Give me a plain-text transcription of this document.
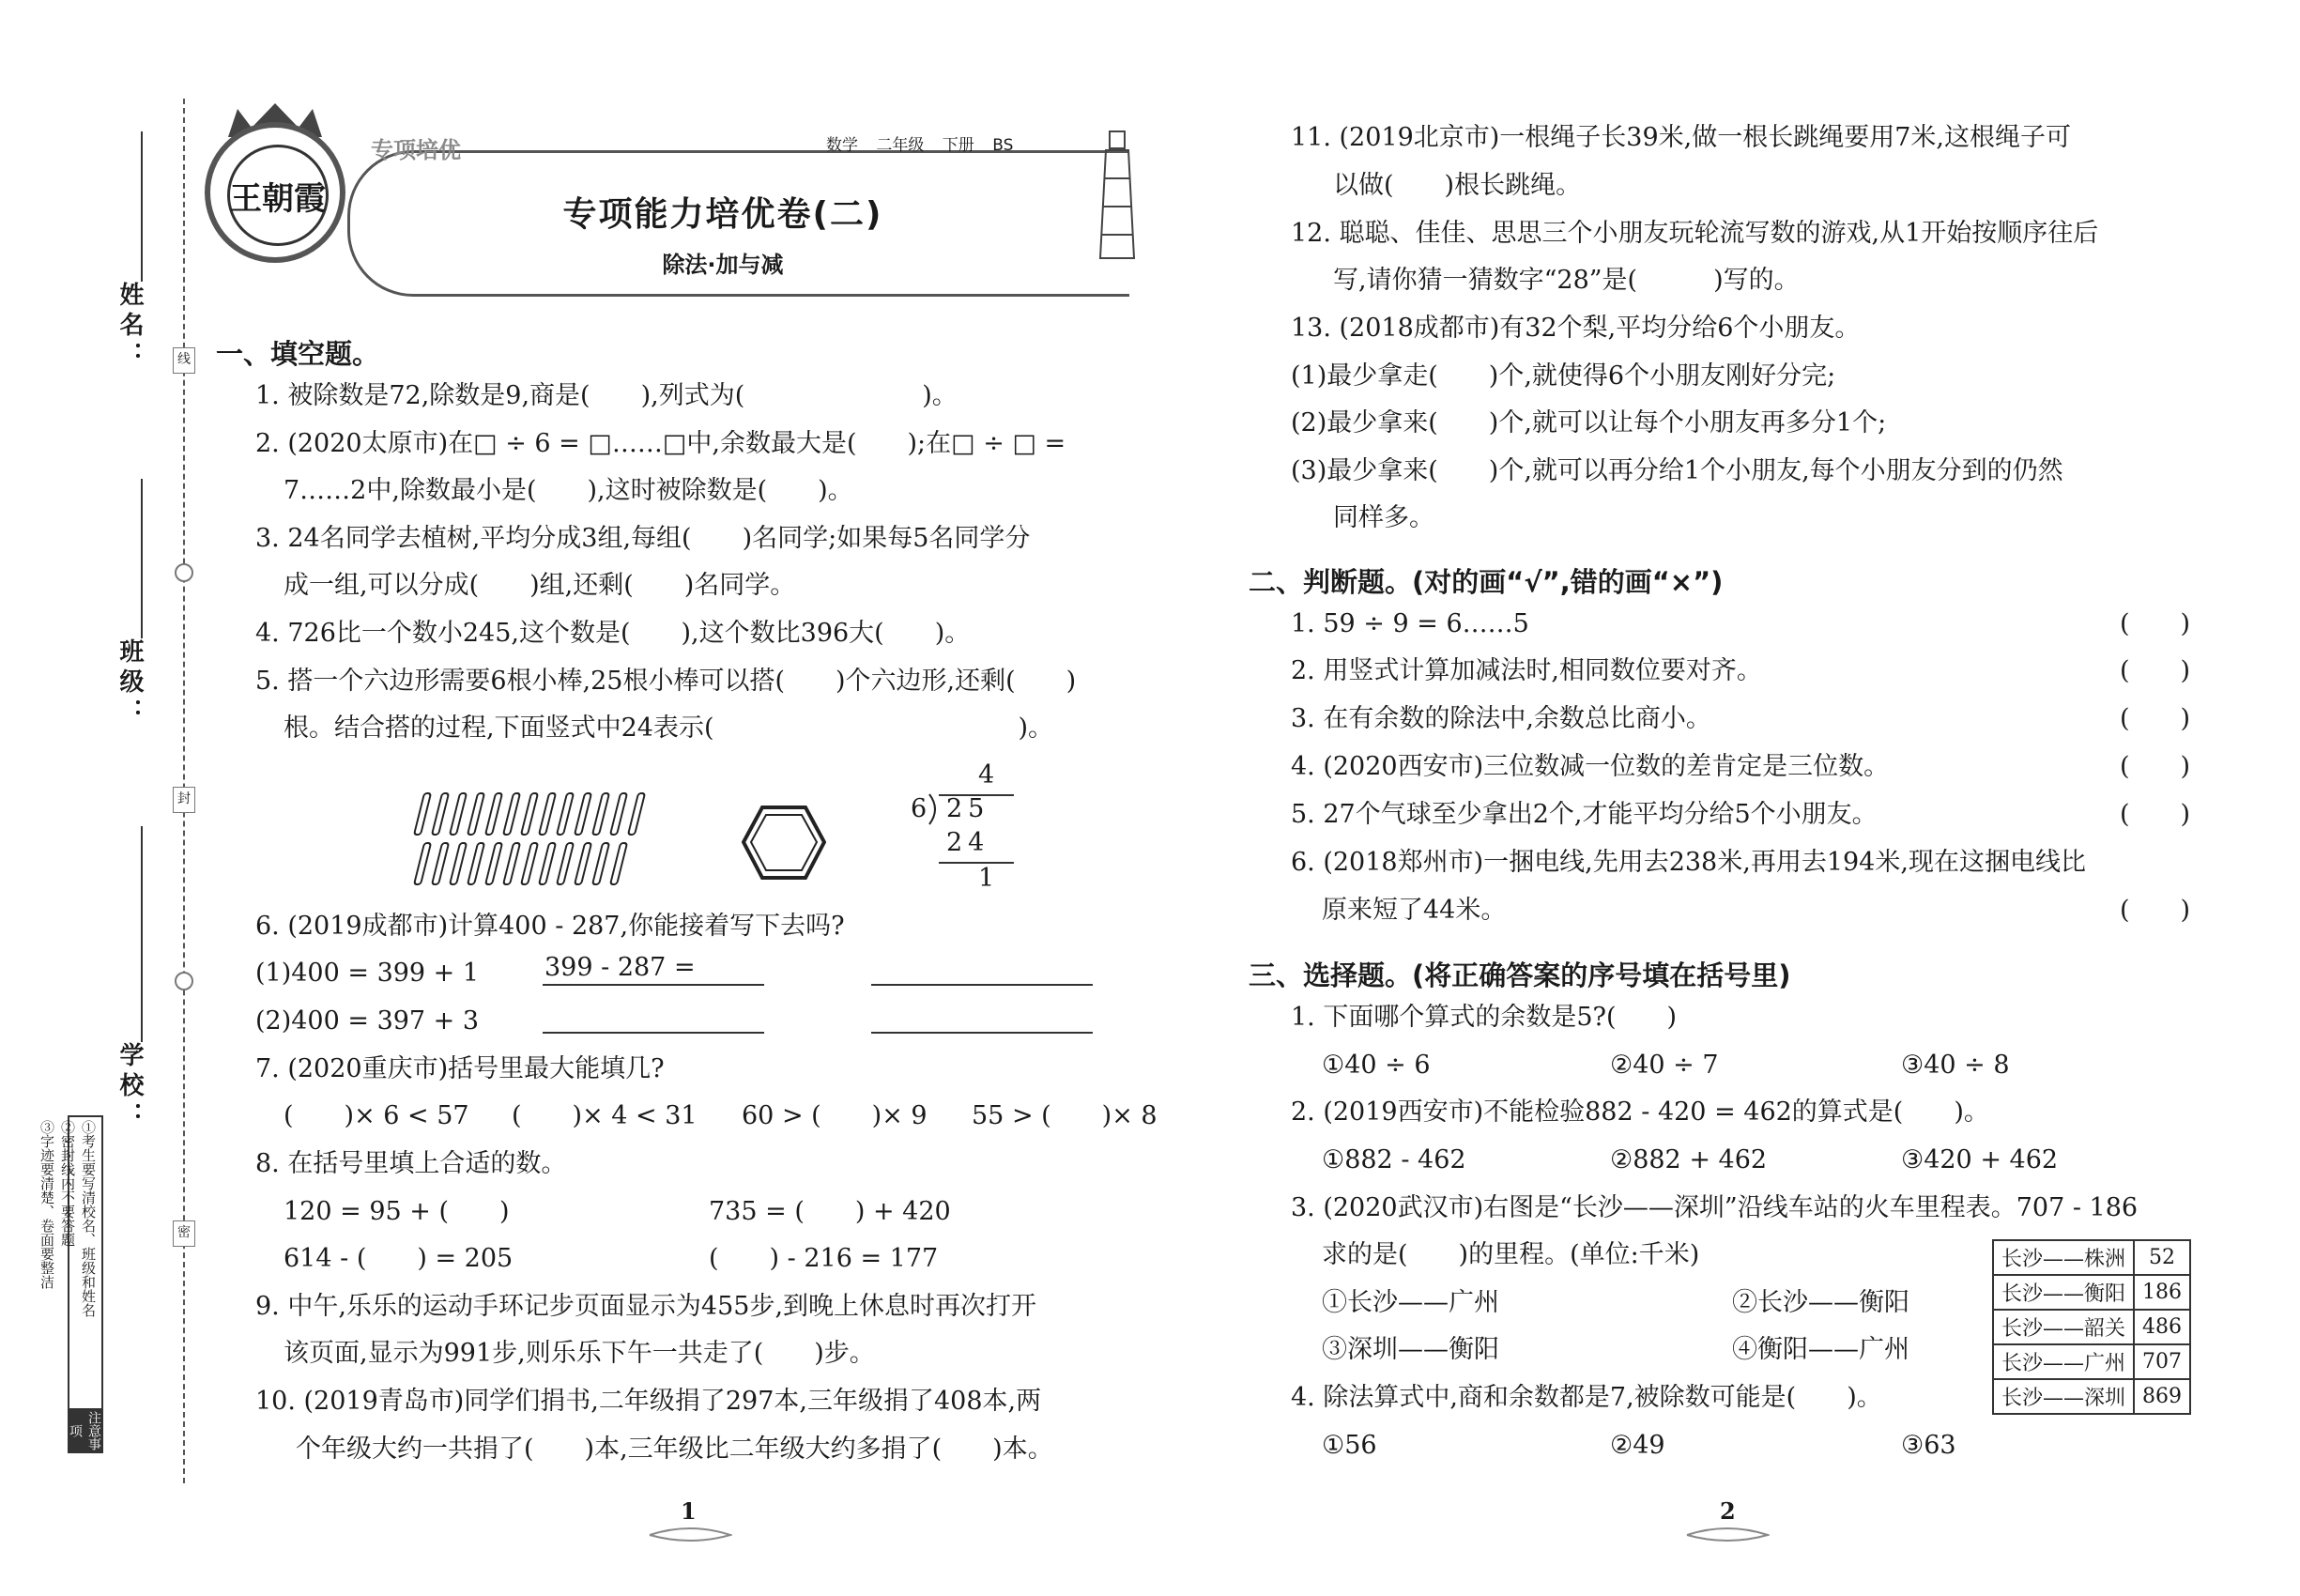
姓名：
班级：
学校：
线
封
密
①考生要写清校名、班级和姓名
②密封线内不要答题
③字迹要清楚、卷面要整洁
注意事项
王朝霞
专项培优	数学 二年级 下册 BS
专项能力培优卷(二)
除法·加与减
一、填空题。
1. 被除数是72,除数是9,商是(　　),列式为(　　　　　　　)。
2. (2020太原市)在□ ÷ 6 = □……□中,余数最大是(　　);在□ ÷ □ =
7……2中,除数最小是(　　),这时被除数是(　　)。
3. 24名同学去植树,平均分成3组,每组(　　)名同学;如果每5名同学分
成一组,可以分成(　　)组,还剩(　　)名同学。
4. 726比一个数小245,这个数是(　　),这个数比396大(　　)。
5. 搭一个六边形需要6根小棒,25根小棒可以搭(　　)个六边形,还剩(　　)
根。结合搭的过程,下面竖式中24表示(　　　　　　　　　　　　)。
4
6 25
24
1
6. (2019成都市)计算400 - 287,你能接着写下去吗?
(1)400 = 399 + 1	399 - 287 =
(2)400 = 397 + 3
7. (2020重庆市)括号里最大能填几?
(　　)× 6 < 57 (　　)× 4 < 31 60 > (　　)× 9 55 > (　　)× 8
8. 在括号里填上合适的数。
120 = 95 + (　　)	735 = (　　) + 420
614 - (　　) = 205	(　　) - 216 = 177
9. 中午,乐乐的运动手环记步页面显示为455步,到晚上休息时再次打开
该页面,显示为991步,则乐乐下午一共走了(　　)步。
10. (2019青岛市)同学们捐书,二年级捐了297本,三年级捐了408本,两
个年级大约一共捐了(　　)本,三年级比二年级大约多捐了(　　)本。
1
11. (2019北京市)一根绳子长39米,做一根长跳绳要用7米,这根绳子可
以做(　　)根长跳绳。
12. 聪聪、佳佳、思思三个小朋友玩轮流写数的游戏,从1开始按顺序往后
写,请你猜一猜数字“28”是(　　　)写的。
13. (2018成都市)有32个梨,平均分给6个小朋友。
(1)最少拿走(　　)个,就使得6个小朋友刚好分完;
(2)最少拿来(　　)个,就可以让每个小朋友再多分1个;
(3)最少拿来(　　)个,就可以再分给1个小朋友,每个小朋友分到的仍然
同样多。
二、判断题。(对的画“√”,错的画“×”)
1. 59 ÷ 9 = 6……5
2. 用竖式计算加减法时,相同数位要对齐。
3. 在有余数的除法中,余数总比商小。
4. (2020西安市)三位数减一位数的差肯定是三位数。
5. 27个气球至少拿出2个,才能平均分给5个小朋友。
6. (2018郑州市)一捆电线,先用去238米,再用去194米,现在这捆电线比
原来短了44米。
(　　)
(　　)
(　　)
(　　)
(　　)
(　　)
三、选择题。(将正确答案的序号填在括号里)
1. 下面哪个算式的余数是5?(　　)
①40 ÷ 6	②40 ÷ 7	③40 ÷ 8
2. (2019西安市)不能检验882 - 420 = 462的算式是(　　)。
①882 - 462	②882 + 462	③420 + 462
3. (2020武汉市)右图是“长沙——深圳”沿线车站的火车里程表。707 - 186
求的是(　　)的里程。(单位:千米)
①长沙——广州	②长沙——衡阳
③深圳——衡阳	④衡阳——广州
长沙——株洲	52
长沙——衡阳	186
长沙——韶关	486
长沙——广州	707
长沙——深圳	869
4. 除法算式中,商和余数都是7,被除数可能是(　　)。
①56	②49	③63
2
